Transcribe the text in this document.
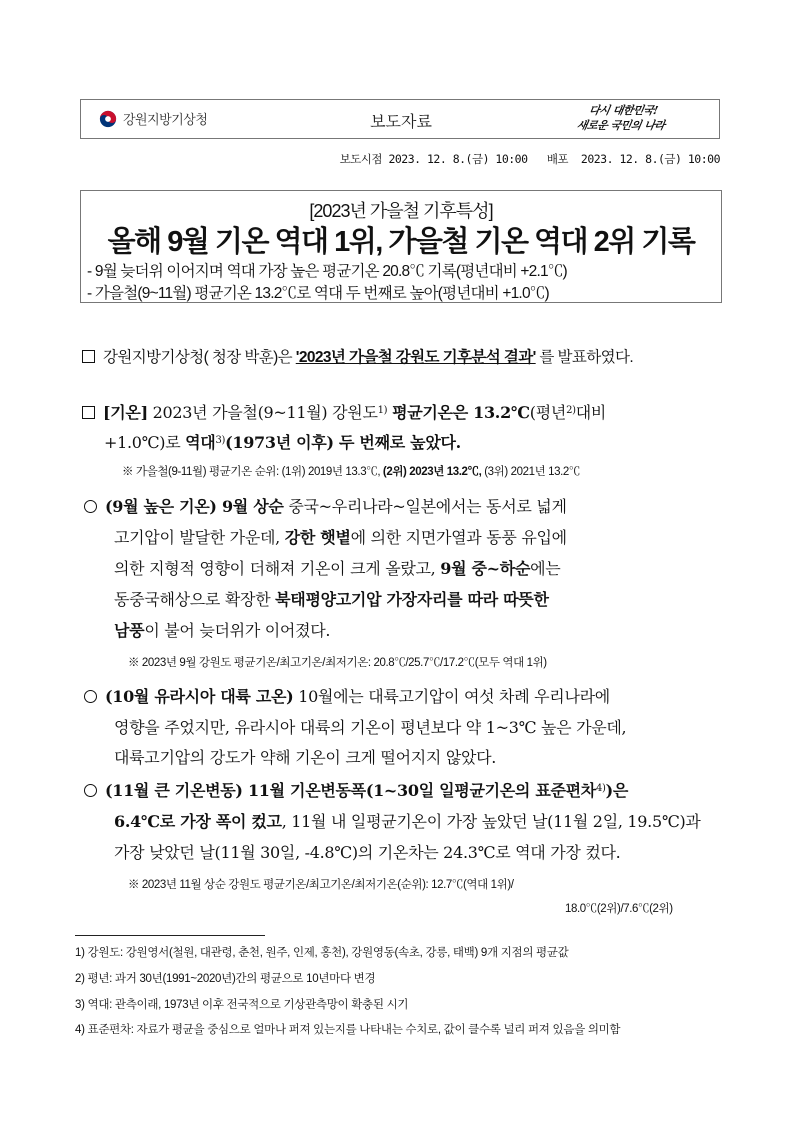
강원지방기상청	보도자료
다시 대한민국!
새로운 국민의 나라
보도시점 2023. 12. 8.(금) 10:00 배포 2023. 12. 8.(금) 10:00
[2023년 가을철 기후특성]
올해 9월 기온 역대 1위, 가을철 기온 역대 2위 기록
- 9월 늦더위 이어지며 역대 가장 높은 평균기온 20.8℃ 기록(평년대비 +2.1℃)
- 가을철(9~11월) 평균기온 13.2℃로 역대 두 번째로 높아(평년대비 +1.0℃)
강원지방기상청( 청장 박훈)은 '2023년 가을철 강원도 기후분석 결과' 를 발표하였다.
[기온] 2023년 가을철(9~11월) 강원도$^{1)}$ 평균기온은 13.2℃(평년$^{2)}$대비
+1.0℃)로 역대$^{3)}$(1973년 이후) 두 번째로 높았다.
※ 가을철(9-11월) 평균기온 순위: (1위) 2019년 13.3℃, (2위) 2023년 13.2℃, (3위) 2021년 13.2℃
(9월 높은 기온) 9월 상순 중국~우리나라~일본에서는 동서로 넓게
고기압이 발달한 가운데, 강한 햇볕에 의한 지면가열과 동풍 유입에
의한 지형적 영향이 더해져 기온이 크게 올랐고, 9월 중~하순에는
동중국해상으로 확장한 북태평양고기압 가장자리를 따라 따뜻한
남풍이 불어 늦더위가 이어졌다.
※ 2023년 9월 강원도 평균기온/최고기온/최저기온: 20.8℃/25.7℃/17.2℃(모두 역대 1위)
(10월 유라시아 대륙 고온) 10월에는 대륙고기압이 여섯 차례 우리나라에
영향을 주었지만, 유라시아 대륙의 기온이 평년보다 약 1~3℃ 높은 가운데,
대륙고기압의 강도가 약해 기온이 크게 떨어지지 않았다.
(11월 큰 기온변동) 11월 기온변동폭(1~30일 일평균기온의 표준편차$^{4)}$)은
6.4℃로 가장 폭이 컸고, 11월 내 일평균기온이 가장 높았던 날(11월 2일, 19.5℃)과
가장 낮았던 날(11월 30일, -4.8℃)의 기온차는 24.3℃로 역대 가장 컸다.
※ 2023년 11월 상순 강원도 평균기온/최고기온/최저기온(순위): 12.7℃(역대 1위)/
18.0℃(2위)/7.6℃(2위)
1) 강원도: 강원영서(철원, 대관령, 춘천, 원주, 인제, 홍천), 강원영동(속초, 강릉, 태백) 9개 지점의 평균값
2) 평년: 과거 30년(1991~2020년)간의 평균으로 10년마다 변경
3) 역대: 관측이래, 1973년 이후 전국적으로 기상관측망이 확충된 시기
4) 표준편차: 자료가 평균을 중심으로 얼마나 퍼져 있는지를 나타내는 수치로, 값이 클수록 널리 퍼져 있음을 의미함
